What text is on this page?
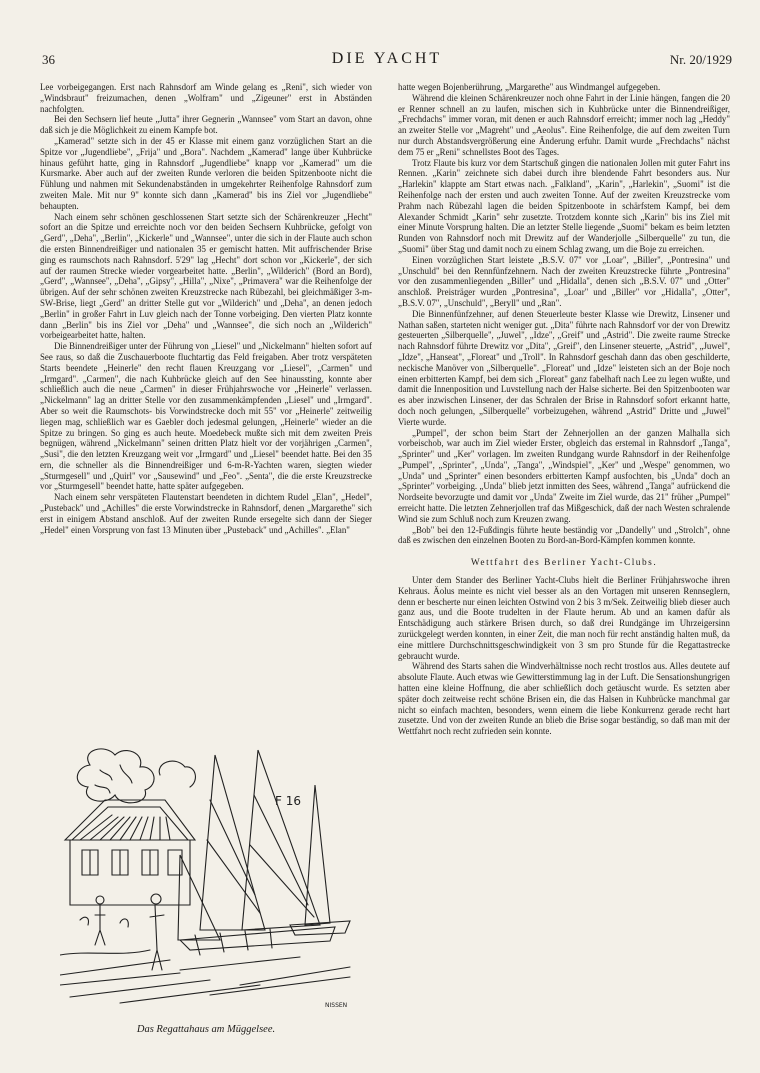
36	DIE YACHT	Nr. 20/1929

Lee vorbeigegangen. Erst nach Rahnsdorf am Winde gelang es „Reni", sich wieder von „Windsbraut" freizumachen, denen „Wolfram" und „Zigeuner" erst in Abständen nachfolgten.

Bei den Sechsern lief heute „Jutta" ihrer Gegnerin „Wannsee" vom Start an davon, ohne daß sich je die Möglichkeit zu einem Kampfe bot.

„Kamerad" setzte sich in der 45 er Klasse mit einem ganz vorzüglichen Start an die Spitze vor „Jugendliebe", „Frija" und „Bora". Nachdem „Kamerad" lange über Kuhbrücke hinaus geführt hatte, ging in Rahnsdorf „Jugendliebe" knapp vor „Kamerad" um die Kursmarke. Aber auch auf der zweiten Runde verloren die beiden Spitzenboote nicht die Fühlung und nahmen mit Sekundenabständen in umgekehrter Reihenfolge Rahnsdorf zum zweiten Male. Mit nur 9" konnte sich dann „Kamerad" bis ins Ziel vor „Jugendliebe" behaupten.

Nach einem sehr schönen geschlossenen Start setzte sich der Schärenkreuzer „Hecht" sofort an die Spitze und erreichte noch vor den beiden Sechsern Kuhbrücke, gefolgt von „Gerd", „Deha", „Berlin", „Kickerle" und „Wannsee", unter die sich in der Flaute auch schon die ersten Binnendreißiger und nationalen 35 er gemischt hatten. Mit auffrischender Brise ging es raumschots nach Rahnsdorf. 5'29" lag „Hecht" dort schon vor „Kickerle", der sich auf der raumen Strecke wieder vorgearbeitet hatte. „Berlin", „Wilderich" (Bord an Bord), „Gerd", „Wannsee", „Deha", „Gipsy", „Hilla", „Nixe", „Primavera" war die Reihenfolge der übrigen. Auf der sehr schönen zweiten Kreuzstrecke nach Rübezahl, bei gleichmäßiger 3-m-SW-Brise, liegt „Gerd" an dritter Stelle gut vor „Wilderich" und „Deha", an denen jedoch „Berlin" in großer Fahrt in Luv gleich nach der Tonne vorbeiging. Den vierten Platz konnte dann „Berlin" bis ins Ziel vor „Deha" und „Wannsee", die sich noch an „Wilderich" vorbeigearbeitet hatte, halten.

Die Binnendreißiger unter der Führung von „Liesel" und „Nickelmann" hielten sofort auf See raus, so daß die Zuschauerboote fluchtartig das Feld freigaben. Aber trotz verspäteten Starts beendete „Heinerle" den recht flauen Kreuzgang vor „Liesel", „Carmen" und „Irmgard". „Carmen", die nach Kuhbrücke gleich auf den See hinaussting, konnte aber schließlich auch die neue „Carmen" in dieser Frühjahrswoche vor „Heinerle" verlassen. „Nickelmann" lag an dritter Stelle vor den zusammenkämpfenden „Liesel" und „Irmgard". Aber so weit die Raumschots- bis Vorwindstrecke doch mit 55" vor „Heinerle" zeitweilig liegen mag, schließlich war es Gaebler doch jedesmal gelungen, „Heinerle" wieder an die Spitze zu bringen. So ging es auch heute. Moedebeck mußte sich mit dem zweiten Preis begnügen, während „Nickelmann" seinen dritten Platz hielt vor der vorjährigen „Carmen", „Susi", die den letzten Kreuzgang weit vor „Irmgard" und „Liesel" beendet hatte. Bei den 35 ern, die schneller als die Binnendreißiger und 6-m-R-Yachten waren, siegten wieder „Sturmgesell" und „Quirl" vor „Sausewind" und „Feo". „Senta", die die erste Kreuzstrecke vor „Sturmgesell" beendet hatte, hatte später aufgegeben.

Nach einem sehr verspäteten Flautenstart beendeten in dichtem Rudel „Elan", „Hedel", „Pusteback" und „Achilles" die erste Vorwindstrecke in Rahnsdorf, denen „Margarethe" sich erst in einigem Abstand anschloß. Auf der zweiten Runde ersegelte sich dann der Sieger „Hedel" einen Vorsprung von fast 13 Minuten über „Pusteback" und „Achilles". „Elan"

hatte wegen Bojenberührung, „Margarethe" aus Windmangel aufgegeben.

Während die kleinen Schärenkreuzer noch ohne Fahrt in der Linie hängen, fangen die 20 er Renner schnell an zu laufen, mischen sich in Kuhbrücke unter die Binnendreißiger, „Frechdachs" immer voran, mit denen er auch Rahnsdorf erreicht; immer noch lag „Heddy" an zweiter Stelle vor „Magreht" und „Aeolus". Eine Reihenfolge, die auf dem zweiten Turn nur durch Abstandsvergrößerung eine Änderung erfuhr. Damit wurde „Frechdachs" nächst dem 75 er „Reni" schnellstes Boot des Tages.

Trotz Flaute bis kurz vor dem Startschuß gingen die nationalen Jollen mit guter Fahrt ins Rennen. „Karin" zeichnete sich dabei durch ihre blendende Fahrt besonders aus. Nur „Harlekin" klappte am Start etwas nach. „Falkland", „Karin", „Harlekin", „Suomi" ist die Reihenfolge nach der ersten und auch zweiten Tonne. Auf der zweiten Kreuzstrecke vom Prahm nach Rübezahl lagen die beiden Spitzenboote in schärfstem Kampf, bei dem Alexander Schmidt „Karin" sehr zusetzte. Trotzdem konnte sich „Karin" bis ins Ziel mit einer Minute Vorsprung halten. Die an letzter Stelle liegende „Suomi" bekam es beim letzten Runden von Rahnsdorf noch mit Drewitz auf der Wanderjolle „Silberquelle" zu tun, die „Suomi" über Stag und damit noch zu einem Schlag zwang, um die Boje zu erreichen.

Einen vorzüglichen Start leistete „B.S.V. 07" vor „Loar", „Biller", „Pontresina" und „Unschuld" bei den Rennfünfzehnern. Nach der zweiten Kreuzstrecke führte „Pontresina" vor den zusammenliegenden „Biller" und „Hidalla", denen sich „B.S.V. 07" und „Otter" anschloß. Preisträger wurden „Pontresina", „Loar" und „Biller" vor „Hidalla", „Otter", „B.S.V. 07", „Unschuld", „Beryll" und „Ran".

Die Binnenfünfzehner, auf denen Steuerleute bester Klasse wie Drewitz, Linsener und Nathan saßen, starteten nicht weniger gut. „Dita" führte nach Rahnsdorf vor der von Drewitz gesteuerten „Silberquelle", „Juwel", „Idze", „Greif" und „Astrid". Die zweite raume Strecke nach Rahnsdorf führte Drewitz vor „Dita", „Greif", den Linsener steuerte, „Astrid", „Juwel", „Idze", „Hanseat", „Floreat" und „Troll". In Rahnsdorf geschah dann das oben geschilderte, neckische Manöver von „Silberquelle". „Floreat" und „Idze" leisteten sich an der Boje noch einen erbitterten Kampf, bei dem sich „Floreat" ganz fabelhaft nach Lee zu legen wußte, und damit die Innenposition und Luvstellung nach der Halse sicherte. Bei den Spitzenbooten war es aber inzwischen Linsener, der das Schralen der Brise in Rahnsdorf sofort erkannt hatte, doch noch gelungen, „Silberquelle" vorbeizugehen, während „Astrid" Dritte und „Juwel" Vierte wurde.

„Pumpel", der schon beim Start der Zehnerjollen an der ganzen Malhalla sich vorbeischob, war auch im Ziel wieder Erster, obgleich das erstemal in Rahnsdorf „Tanga", „Sprinter" und „Ker" vorlagen. Im zweiten Rundgang wurde Rahnsdorf in der Reihenfolge „Pumpel", „Sprinter", „Unda", „Tanga", „Windspiel", „Ker" und „Wespe" genommen, wo „Unda" und „Sprinter" einen besonders erbitterten Kampf ausfochten, bis „Unda" doch an „Sprinter" vorbeiging. „Unda" blieb jetzt inmitten des Sees, während „Tanga" aufrückend die Nordseite bevorzugte und damit vor „Unda" Zweite im Ziel wurde, das 21" früher „Pumpel" erreicht hatte. Die letzten Zehnerjollen traf das Mißgeschick, daß der nach Westen schralende Wind sie zum Schluß noch zum Kreuzen zwang.

„Bob" bei den 12-Fußdingis führte heute beständig vor „Dandelly" und „Strolch", ohne daß es zwischen den einzelnen Booten zu Bord-an-Bord-Kämpfen kommen konnte.

Wettfahrt des Berliner Yacht-Clubs.

Unter dem Stander des Berliner Yacht-Clubs hielt die Berliner Frühjahrswoche ihren Kehraus. Äolus meinte es nicht viel besser als an den Vortagen mit unseren Rennseglern, denn er bescherte nur einen leichten Ostwind von 2 bis 3 m/Sek. Zeitweilig blieb dieser auch ganz aus, und die Boote trudelten in der Flaute herum. Ab und an kamen dafür als Entschädigung auch stärkere Brisen durch, so daß drei Rundgänge im Uhrzeigersinn zurückgelegt werden konnten, in einer Zeit, die man noch für recht anständig halten muß, da eine mittlere Durchschnittsgeschwindigkeit von 3 sm pro Stunde für die Regattastrecke gebraucht wurde.

Während des Starts sahen die Windverhältnisse noch recht trostlos aus. Alles deutete auf absolute Flaute. Auch etwas wie Gewitterstimmung lag in der Luft. Die Sensationshungrigen hatten eine kleine Hoffnung, die aber schließlich doch getäuscht wurde. Es setzten aber später doch zeitweise recht schöne Brisen ein, die das Halsen in Kuhbrücke manchmal gar nicht so einfach machten, besonders, wenn einem die liebe Konkurrenz gerade recht hart zusetzte. Und von der zweiten Runde an blieb die Brise sogar beständig, so daß man mit der Wettfahrt noch recht zufrieden sein konnte.

F 16
NISSEN
Das Regattahaus am Müggelsee.
